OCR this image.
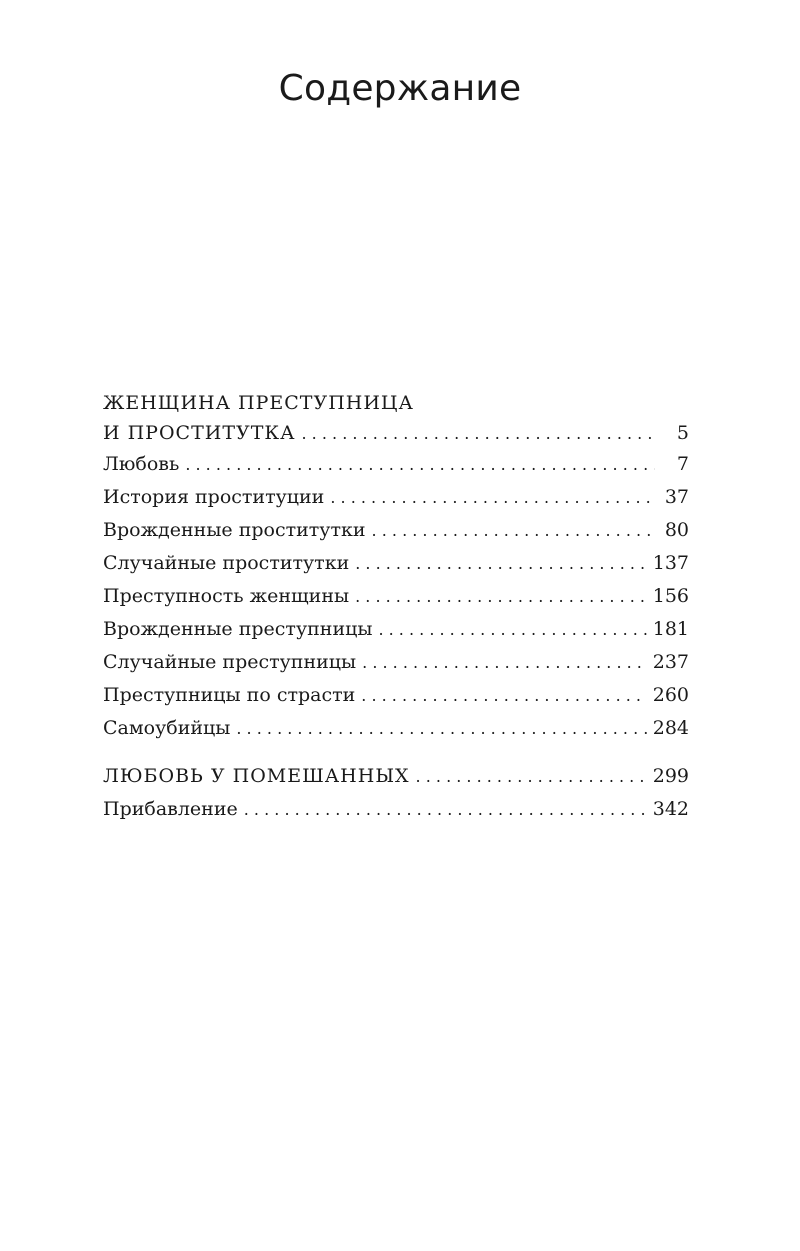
Содержание
ЖЕНЩИНА ПРЕСТУПНИЦА
И ПРОСТИТУТКА . . .	5
Любовь . . .	7
История проституции . . .	37
Врожденные проститутки . . .	80
Случайные проститутки . . .	137
Преступность женщины . . .	156
Врожденные преступницы . . .	181
Случайные преступницы . . .	237
Преступницы по страсти . . .	260
Самоубийцы . . .	284
ЛЮБОВЬ У ПОМЕШАННЫХ . . .	299
Прибавление . . .	342
